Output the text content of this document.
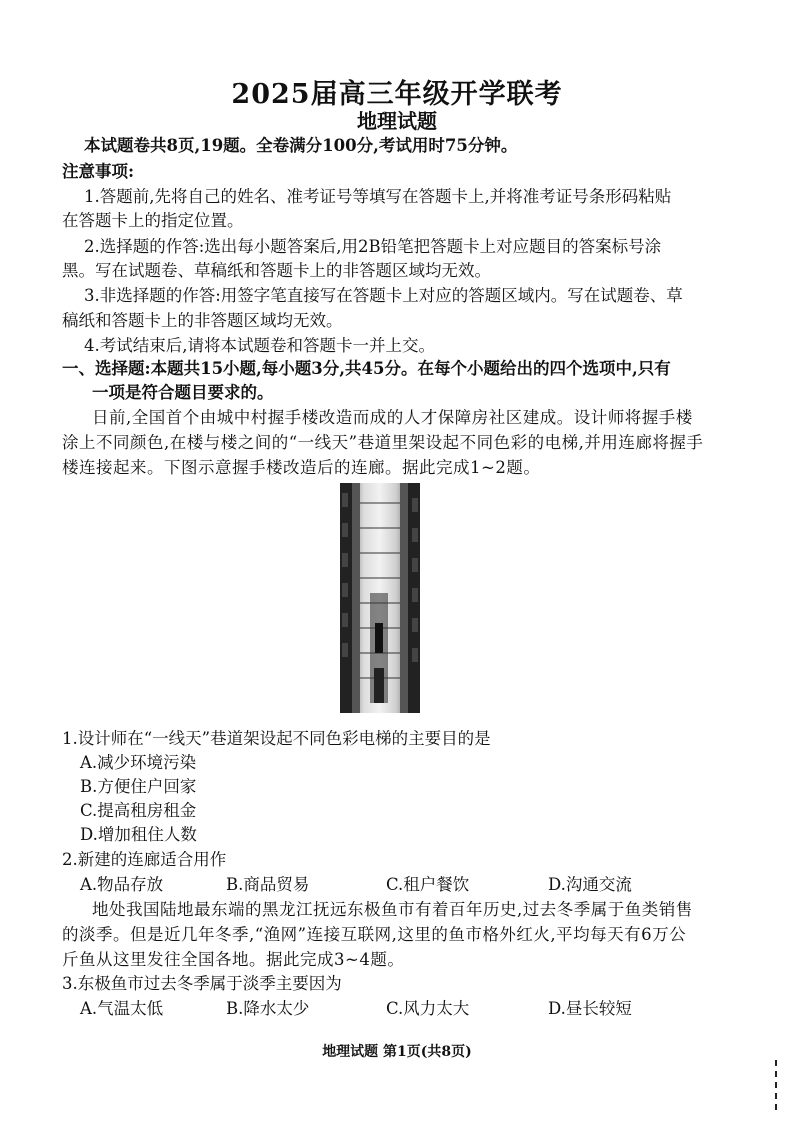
2025届高三年级开学联考
地理试题
本试题卷共8页,19题。全卷满分100分,考试用时75分钟。
注意事项:
1.答题前,先将自己的姓名、准考证号等填写在答题卡上,并将准考证号条形码粘贴
在答题卡上的指定位置。
2.选择题的作答:选出每小题答案后,用2B铅笔把答题卡上对应题目的答案标号涂
黑。写在试题卷、草稿纸和答题卡上的非答题区域均无效。
3.非选择题的作答:用签字笔直接写在答题卡上对应的答题区域内。写在试题卷、草
稿纸和答题卡上的非答题区域均无效。
4.考试结束后,请将本试题卷和答题卡一并上交。
一、选择题:本题共15小题,每小题3分,共45分。在每个小题给出的四个选项中,只有
一项是符合题目要求的。
日前,全国首个由城中村握手楼改造而成的人才保障房社区建成。设计师将握手楼
涂上不同颜色,在楼与楼之间的“一线天”巷道里架设起不同色彩的电梯,并用连廊将握手
楼连接起来。下图示意握手楼改造后的连廊。据此完成1~2题。
1.设计师在“一线天”巷道架设起不同色彩电梯的主要目的是
A.减少环境污染
B.方便住户回家
C.提高租房租金
D.增加租住人数
2.新建的连廊适合用作
A.物品存放	B.商品贸易	C.租户餐饮	D.沟通交流
地处我国陆地最东端的黑龙江抚远东极鱼市有着百年历史,过去冬季属于鱼类销售
的淡季。但是近几年冬季,“渔网”连接互联网,这里的鱼市格外红火,平均每天有6万公
斤鱼从这里发往全国各地。据此完成3~4题。
3.东极鱼市过去冬季属于淡季主要因为
A.气温太低	B.降水太少	C.风力太大	D.昼长较短
地理试题 第1页(共8页)
